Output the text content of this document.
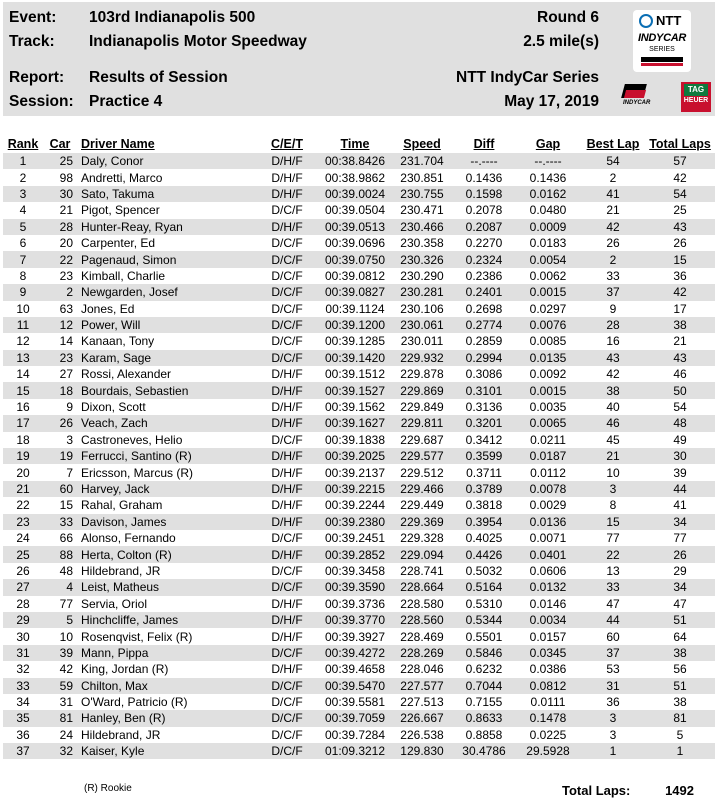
Event: 103rd Indianapolis 500
Track: Indianapolis Motor Speedway
Report: Results of Session
Session: Practice 4
Round 6
2.5 mile(s)
NTT IndyCar Series
May 17, 2019
NTT
INDYCAR
SERIES
INDYCAR
TAG
HEUER
Rank	Car	Driver Name	C/E/T	Time	Speed	Diff	Gap	Best Lap	Total Laps
1	25	Daly, Conor	D/H/F	00:38.8426	231.704	--.----	--.----	54	57
2	98	Andretti, Marco	D/H/F	00:38.9862	230.851	0.1436	0.1436	2	42
3	30	Sato, Takuma	D/H/F	00:39.0024	230.755	0.1598	0.0162	41	54
4	21	Pigot, Spencer	D/C/F	00:39.0504	230.471	0.2078	0.0480	21	25
5	28	Hunter-Reay, Ryan	D/H/F	00:39.0513	230.466	0.2087	0.0009	42	43
6	20	Carpenter, Ed	D/C/F	00:39.0696	230.358	0.2270	0.0183	26	26
7	22	Pagenaud, Simon	D/C/F	00:39.0750	230.326	0.2324	0.0054	2	15
8	23	Kimball, Charlie	D/C/F	00:39.0812	230.290	0.2386	0.0062	33	36
9	2	Newgarden, Josef	D/C/F	00:39.0827	230.281	0.2401	0.0015	37	42
10	63	Jones, Ed	D/C/F	00:39.1124	230.106	0.2698	0.0297	9	17
11	12	Power, Will	D/C/F	00:39.1200	230.061	0.2774	0.0076	28	38
12	14	Kanaan, Tony	D/C/F	00:39.1285	230.011	0.2859	0.0085	16	21
13	23	Karam, Sage	D/C/F	00:39.1420	229.932	0.2994	0.0135	43	43
14	27	Rossi, Alexander	D/H/F	00:39.1512	229.878	0.3086	0.0092	42	46
15	18	Bourdais, Sebastien	D/H/F	00:39.1527	229.869	0.3101	0.0015	38	50
16	9	Dixon, Scott	D/H/F	00:39.1562	229.849	0.3136	0.0035	40	54
17	26	Veach, Zach	D/H/F	00:39.1627	229.811	0.3201	0.0065	46	48
18	3	Castroneves, Helio	D/C/F	00:39.1838	229.687	0.3412	0.0211	45	49
19	19	Ferrucci, Santino (R)	D/H/F	00:39.2025	229.577	0.3599	0.0187	21	30
20	7	Ericsson, Marcus (R)	D/H/F	00:39.2137	229.512	0.3711	0.0112	10	39
21	60	Harvey, Jack	D/H/F	00:39.2215	229.466	0.3789	0.0078	3	44
22	15	Rahal, Graham	D/H/F	00:39.2244	229.449	0.3818	0.0029	8	41
23	33	Davison, James	D/H/F	00:39.2380	229.369	0.3954	0.0136	15	34
24	66	Alonso, Fernando	D/C/F	00:39.2451	229.328	0.4025	0.0071	77	77
25	88	Herta, Colton (R)	D/H/F	00:39.2852	229.094	0.4426	0.0401	22	26
26	48	Hildebrand, JR	D/C/F	00:39.3458	228.741	0.5032	0.0606	13	29
27	4	Leist, Matheus	D/C/F	00:39.3590	228.664	0.5164	0.0132	33	34
28	77	Servia, Oriol	D/H/F	00:39.3736	228.580	0.5310	0.0146	47	47
29	5	Hinchcliffe, James	D/H/F	00:39.3770	228.560	0.5344	0.0034	44	51
30	10	Rosenqvist, Felix (R)	D/H/F	00:39.3927	228.469	0.5501	0.0157	60	64
31	39	Mann, Pippa	D/C/F	00:39.4272	228.269	0.5846	0.0345	37	38
32	42	King, Jordan (R)	D/H/F	00:39.4658	228.046	0.6232	0.0386	53	56
33	59	Chilton, Max	D/C/F	00:39.5470	227.577	0.7044	0.0812	31	51
34	31	O'Ward, Patricio (R)	D/C/F	00:39.5581	227.513	0.7155	0.0111	36	38
35	81	Hanley, Ben (R)	D/C/F	00:39.7059	226.667	0.8633	0.1478	3	81
36	24	Hildebrand, JR	D/C/F	00:39.7284	226.538	0.8858	0.0225	3	5
37	32	Kaiser, Kyle	D/C/F	01:09.3212	129.830	30.4786	29.5928	1	1
(R) Rookie	Total Laps:	1492
